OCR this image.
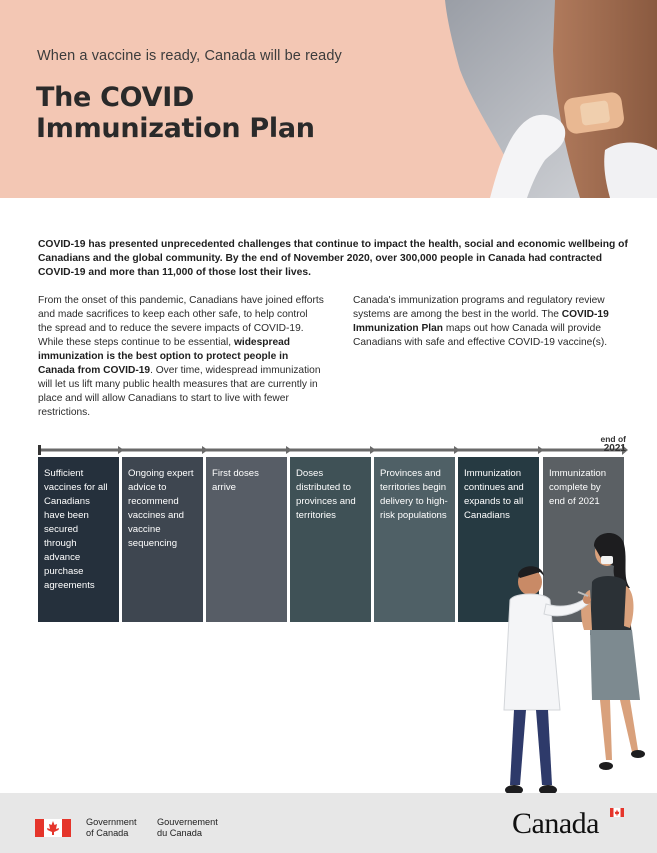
When a vaccine is ready, Canada will be ready
The COVID
Immunization Plan

COVID-19 has presented unprecedented challenges that continue to impact the health, social and economic wellbeing of Canadians and the global community. By the end of November 2020, over 300,000 people in Canada had contracted COVID-19 and more than 11,000 of those lost their lives.

From the onset of this pandemic, Canadians have joined efforts and made sacrifices to keep each other safe, to help control the spread and to reduce the severe impacts of COVID-19. While these steps continue to be essential, widespread immunization is the best option to protect people in Canada from COVID-19. Over time, widespread immunization will let us lift many public health measures that are currently in place and will allow Canadians to start to live with fewer restrictions.

Canada's immunization programs and regulatory review systems are among the best in the world. The COVID-19 Immunization Plan maps out how Canada will provide Canadians with safe and effective COVID-19 vaccine(s).

end of
2021
Sufficient vaccines for all Canadians have been secured through advance purchase agreements
Ongoing expert advice to recommend vaccines and vaccine sequencing
First doses arrive
Doses distributed to provinces and territories
Provinces and territories begin delivery to high-risk populations
Immunization continues and expands to all Canadians
Immunization complete by end of 2021
Government
of Canada
Gouvernement
du Canada	Canada
